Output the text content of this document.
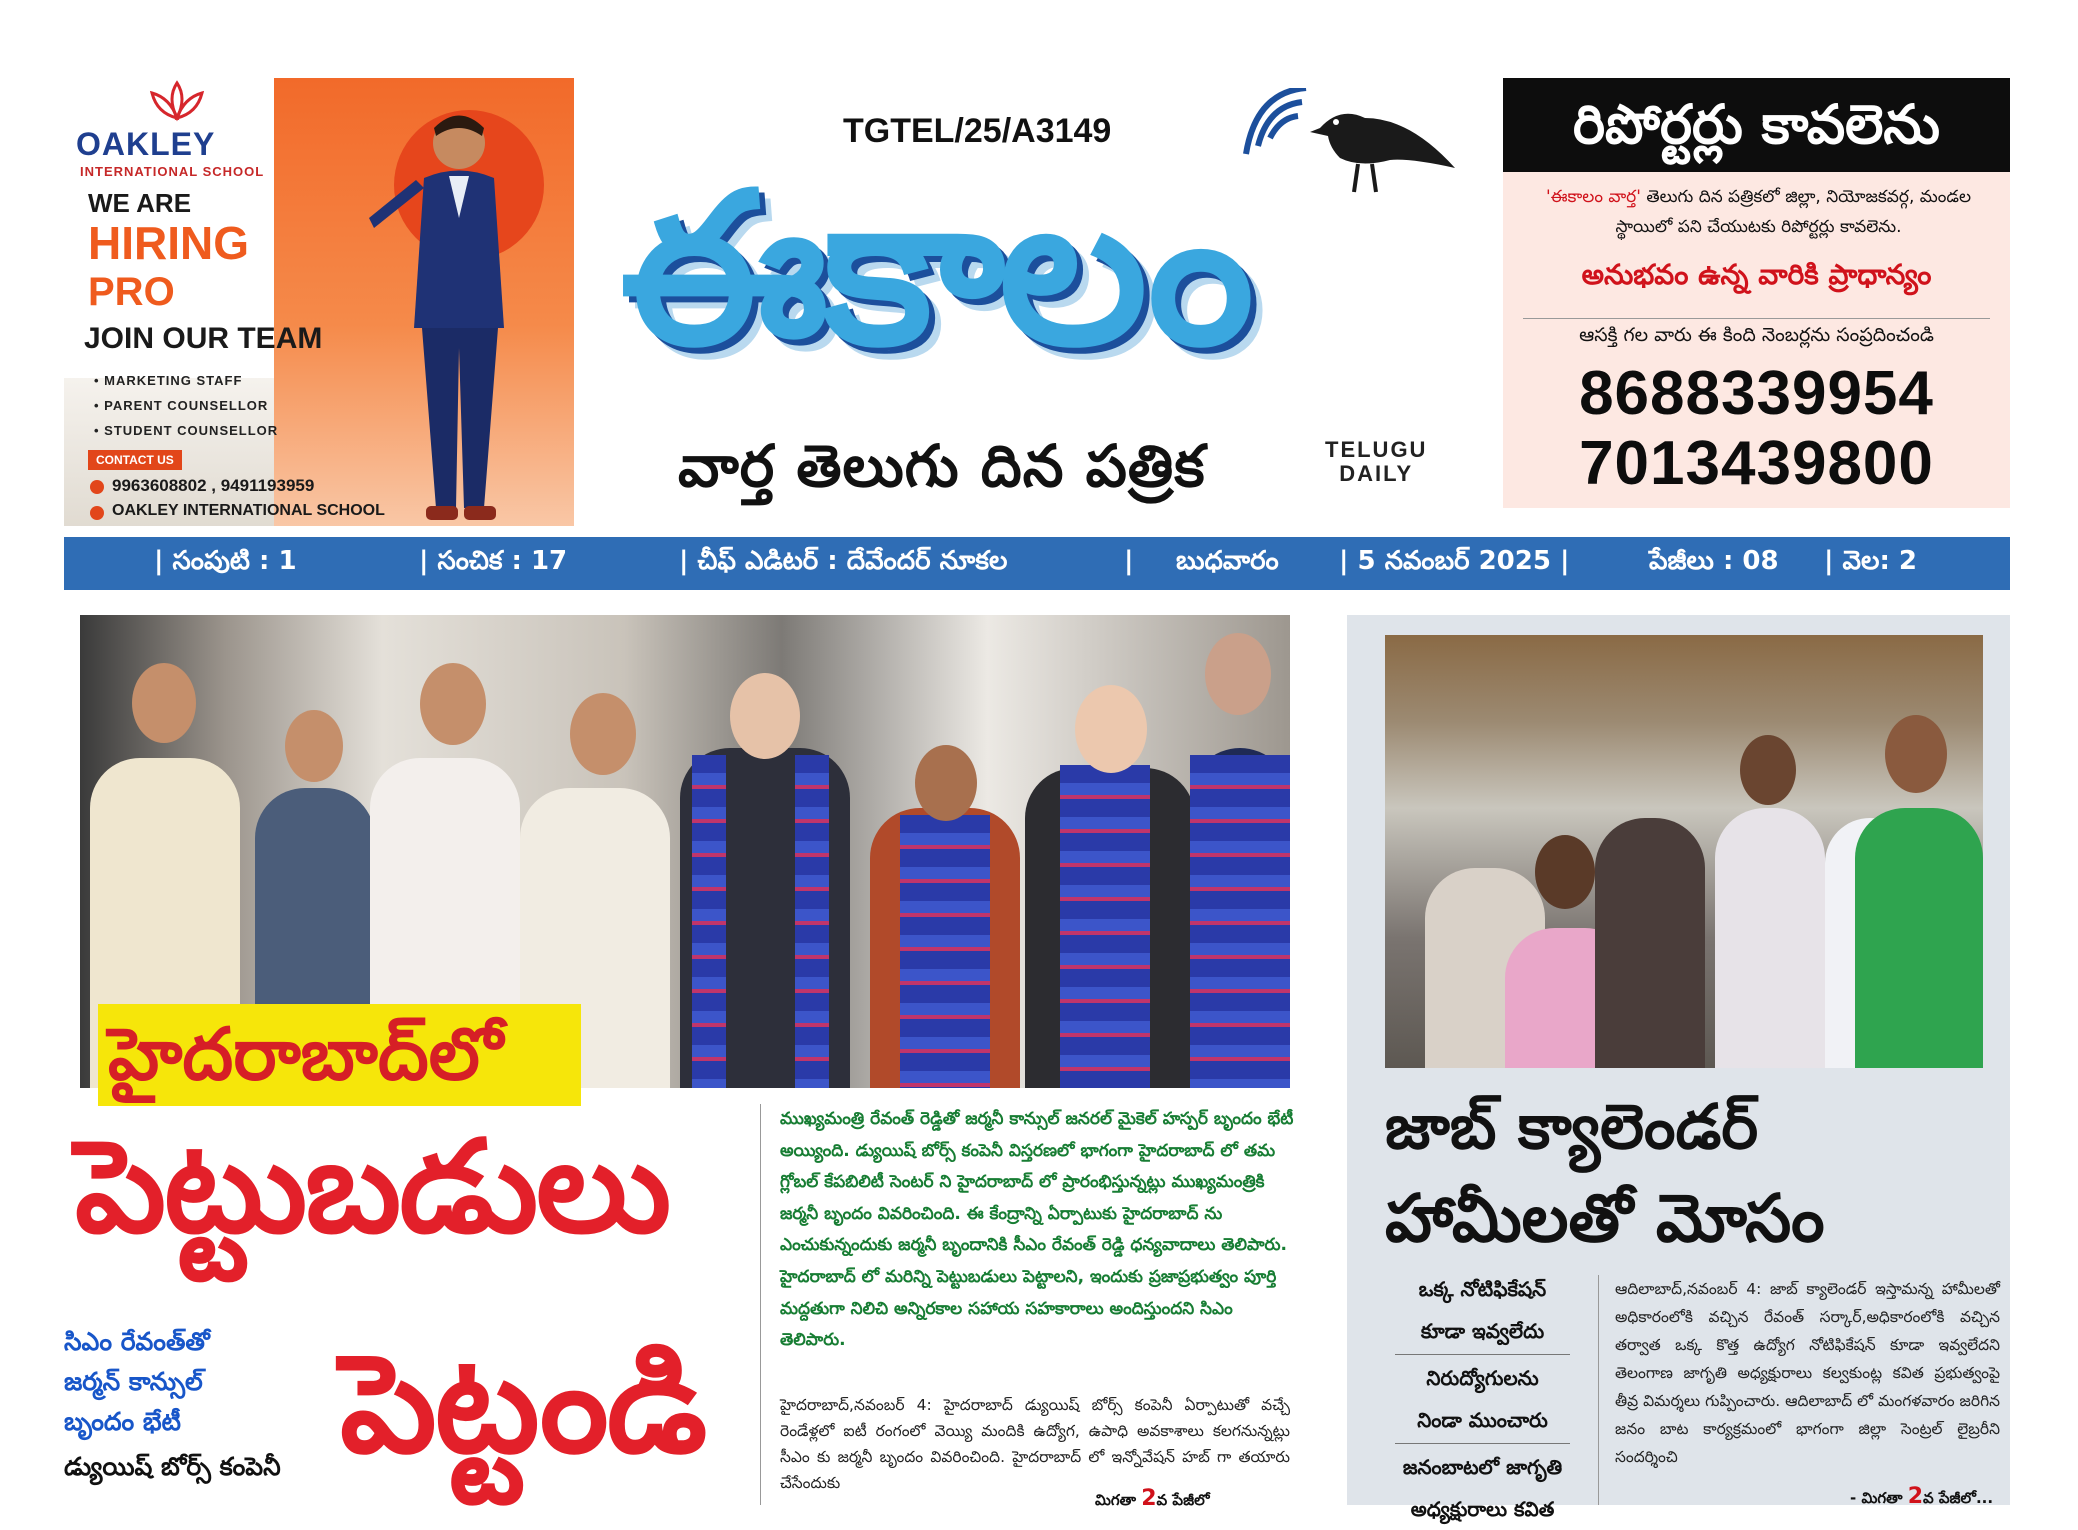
OAKLEY
INTERNATIONAL SCHOOL
WE ARE
HIRING
PRO
JOIN OUR TEAM
• MARKETING STAFF
• PARENT COUNSELLOR
• STUDENT COUNSELLOR
CONTACT US
9963608802 , 9491193959
OAKLEY INTERNATIONAL SCHOOL
TGTEL/25/A3149
ఈకాలం
వార్త తెలుగు దిన పత్రిక	TELUGU
DAILY
రిపోర్టర్లు కావలెను
'ఈకాలం వార్త' తెలుగు దిన పత్రికలో జిల్లా, నియోజకవర్గ, మండల స్థాయిలో పని చేయుటకు రిపోర్టర్లు కావలెను.
అనుభవం ఉన్న వారికి ప్రాధాన్యం
ఆసక్తి గల వారు ఈ కింది నెంబర్లను సంప్రదించండి
8688339954
7013439800
| సంపుటి : 1	| సంచిక : 17	| చీఫ్ ఎడిటర్ : దేవేందర్ నూకల	| బుధవారం | 5 నవంబర్ 2025 |	పేజీలు : 08 | వెల: 2
హైదరాబాద్‌లో
పెట్టుబడులు
పెట్టండి
సిఎం రేవంత్‌తో
జర్మన్ కాన్సుల్
బృందం భేటీ
డ్యుయిష్ బోర్స్ కంపెనీ
ముఖ్యమంత్రి రేవంత్ రెడ్డితో జర్మనీ కాన్సుల్ జనరల్ మైకెల్ హస్పర్ బృందం భేటీ అయ్యింది. డ్యుయిష్ బోర్స్ కంపెనీ విస్తరణలో భాగంగా హైదరాబాద్ లో తమ గ్లోబల్ కేపబిలిటీ సెంటర్ ని హైదరాబాద్ లో ప్రారంభిస్తున్నట్లు ముఖ్యమంత్రికి జర్మనీ బృందం వివరించింది. ఈ కేంద్రాన్ని ఏర్పాటుకు హైదరాబాద్ ను ఎంచుకున్నందుకు జర్మనీ బృందానికి సీఎం రేవంత్ రెడ్డి ధన్యవాదాలు తెలిపారు. హైదరాబాద్ లో మరిన్ని పెట్టుబడులు పెట్టాలని, ఇందుకు ప్రజాప్రభుత్వం పూర్తి మద్దతుగా నిలిచి అన్నిరకాల సహాయ సహకారాలు అందిస్తుందని సిఎం తెలిపారు.
హైదరాబాద్,నవంబర్ 4: హైదరాబాద్ డ్యుయిష్ బోర్స్ కంపెనీ ఏర్పాటుతో వచ్చే రెండేళ్లలో ఐటీ రంగంలో వెయ్యి మందికి ఉద్యోగ, ఉపాధి అవకాశాలు కలగనున్నట్లు సీఎం కు జర్మనీ బృందం వివరించింది. హైదరాబాద్ లో ఇన్నోవేషన్ హబ్ గా తయారు చేసేందుకు
మిగతా 2వ పేజీలో
జాబ్ క్యాలెండర్
హామీలతో మోసం
ఒక్క నోటిఫికేషన్
కూడా ఇవ్వలేదు
నిరుద్యోగులను
నిండా ముంచారు
జనంబాటలో జాగృతి
అధ్యక్షురాలు కవిత
ఆదిలాబాద్,నవంబర్ 4: జాబ్ క్యాలెండర్ ఇస్తామన్న హామీలతో అధికారంలోకి వచ్చిన రేవంత్ సర్కార్,అధికారంలోకి వచ్చిన తర్వాత ఒక్క కొత్త ఉద్యోగ నోటిఫికేషన్ కూడా ఇవ్వలేదని తెలంగాణ జాగృతి అధ్యక్షురాలు కల్వకుంట్ల కవిత ప్రభుత్వంపై తీవ్ర విమర్శలు గుప్పించారు. ఆదిలాబాద్ లో మంగళవారం జరిగిన జనం బాట కార్యక్రమంలో భాగంగా జిల్లా సెంట్రల్ లైబ్రరీని సందర్శించి
- మిగతా 2వ పేజీలో...
